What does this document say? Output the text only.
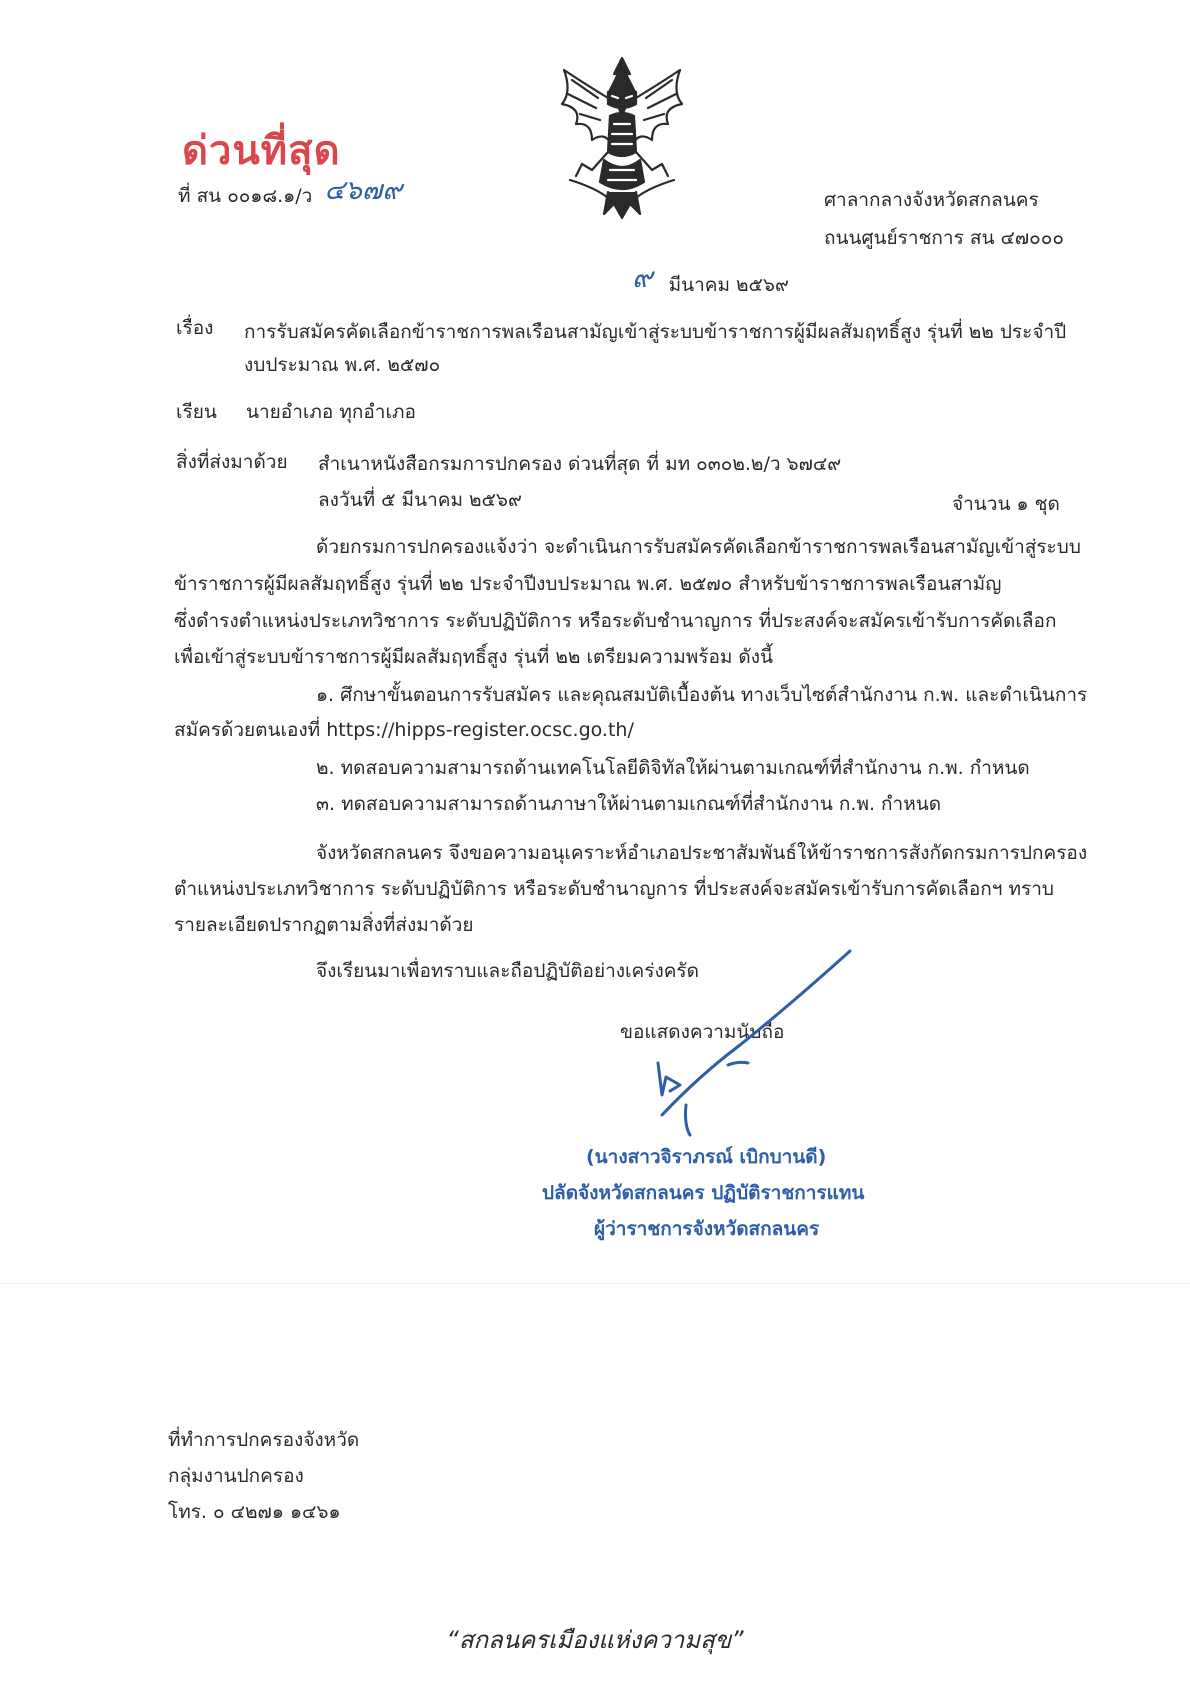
ด่วนที่สุด
ที่ สน ๐๐๑๘.๑/ว ๔๖๗๙	ศาลากลางจังหวัดสกลนคร
ถนนศูนย์ราชการ สน ๔๗๐๐๐
๙ มีนาคม ๒๕๖๙
เรื่อง การรับสมัครคัดเลือกข้าราชการพลเรือนสามัญเข้าสู่ระบบข้าราชการผู้มีผลสัมฤทธิ์สูง รุ่นที่ ๒๒ ประจำปี
งบประมาณ พ.ศ. ๒๕๗๐
เรียน นายอำเภอ ทุกอำเภอ
สิ่งที่ส่งมาด้วย สำเนาหนังสือกรมการปกครอง ด่วนที่สุด ที่ มท ๐๓๐๒.๒/ว ๖๗๔๙
ลงวันที่ ๕ มีนาคม ๒๕๖๙	จำนวน ๑ ชุด
ด้วยกรมการปกครองแจ้งว่า จะดำเนินการรับสมัครคัดเลือกข้าราชการพลเรือนสามัญเข้าสู่ระบบ
ข้าราชการผู้มีผลสัมฤทธิ์สูง รุ่นที่ ๒๒ ประจำปีงบประมาณ พ.ศ. ๒๕๗๐ สำหรับข้าราชการพลเรือนสามัญ
ซึ่งดำรงตำแหน่งประเภทวิชาการ ระดับปฏิบัติการ หรือระดับชำนาญการ ที่ประสงค์จะสมัครเข้ารับการคัดเลือก
เพื่อเข้าสู่ระบบข้าราชการผู้มีผลสัมฤทธิ์สูง รุ่นที่ ๒๒ เตรียมความพร้อม ดังนี้
๑. ศึกษาขั้นตอนการรับสมัคร และคุณสมบัติเบื้องต้น ทางเว็บไซต์สำนักงาน ก.พ. และดำเนินการ
สมัครด้วยตนเองที่ https://hipps-register.ocsc.go.th/
๒. ทดสอบความสามารถด้านเทคโนโลยีดิจิทัลให้ผ่านตามเกณฑ์ที่สำนักงาน ก.พ. กำหนด
๓. ทดสอบความสามารถด้านภาษาให้ผ่านตามเกณฑ์ที่สำนักงาน ก.พ. กำหนด
จังหวัดสกลนคร จึงขอความอนุเคราะห์อำเภอประชาสัมพันธ์ให้ข้าราชการสังกัดกรมการปกครอง
ตำแหน่งประเภทวิชาการ ระดับปฏิบัติการ หรือระดับชำนาญการ ที่ประสงค์จะสมัครเข้ารับการคัดเลือกฯ ทราบ
รายละเอียดปรากฏตามสิ่งที่ส่งมาด้วย
จึงเรียนมาเพื่อทราบและถือปฏิบัติอย่างเคร่งครัด
ขอแสดงความนับถือ
(นางสาวจิราภรณ์ เบิกบานดี)
ปลัดจังหวัดสกลนคร ปฏิบัติราชการแทน
ผู้ว่าราชการจังหวัดสกลนคร
ที่ทำการปกครองจังหวัด
กลุ่มงานปกครอง
โทร. ๐ ๔๒๗๑ ๑๔๖๑
“สกลนครเมืองแห่งความสุข”
